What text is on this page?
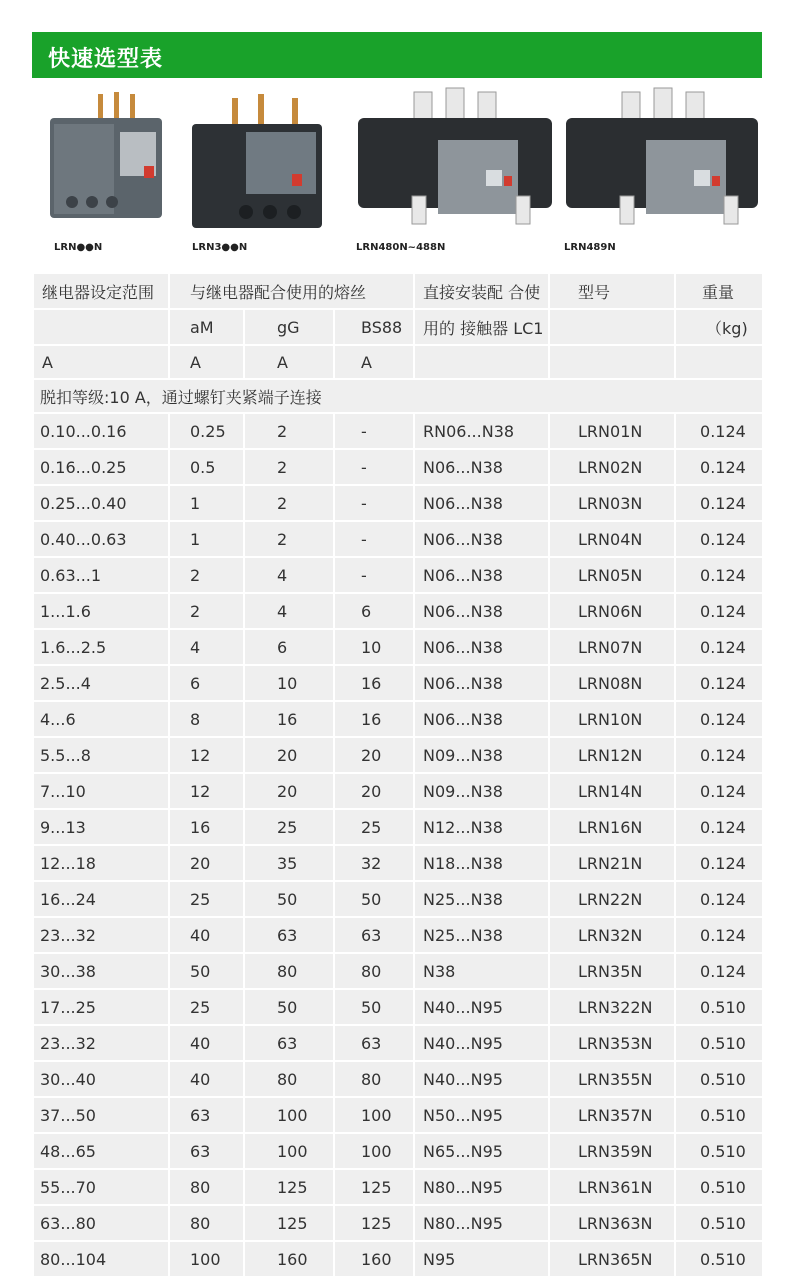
快速选型表
LRN●●N	LRN3●●N	LRN480N~488N	LRN489N
继电器设定范围	与继电器配合使用的熔丝			直接安装配 合使	型号	重量
	aM	gG	BS88	用的 接触器 LC1		（kg)
A	A	A	A			
脱扣等级:10 A，通过螺钉夹紧端子连接						
0.10...0.16	0.25	2	-	RN06...N38	LRN01N	0.124
0.16...0.25	0.5	2	-	N06...N38	LRN02N	0.124
0.25...0.40	1	2	-	N06...N38	LRN03N	0.124
0.40...0.63	1	2	-	N06...N38	LRN04N	0.124
0.63...1	2	4	-	N06...N38	LRN05N	0.124
1...1.6	2	4	6	N06...N38	LRN06N	0.124
1.6...2.5	4	6	10	N06...N38	LRN07N	0.124
2.5...4	6	10	16	N06...N38	LRN08N	0.124
4...6	8	16	16	N06...N38	LRN10N	0.124
5.5...8	12	20	20	N09...N38	LRN12N	0.124
7...10	12	20	20	N09...N38	LRN14N	0.124
9...13	16	25	25	N12...N38	LRN16N	0.124
12...18	20	35	32	N18...N38	LRN21N	0.124
16...24	25	50	50	N25...N38	LRN22N	0.124
23...32	40	63	63	N25...N38	LRN32N	0.124
30...38	50	80	80	N38	LRN35N	0.124
17...25	25	50	50	N40...N95	LRN322N	0.510
23...32	40	63	63	N40...N95	LRN353N	0.510
30...40	40	80	80	N40...N95	LRN355N	0.510
37...50	63	100	100	N50...N95	LRN357N	0.510
48...65	63	100	100	N65...N95	LRN359N	0.510
55...70	80	125	125	N80...N95	LRN361N	0.510
63...80	80	125	125	N80...N95	LRN363N	0.510
80...104	100	160	160	N95	LRN365N	0.510
